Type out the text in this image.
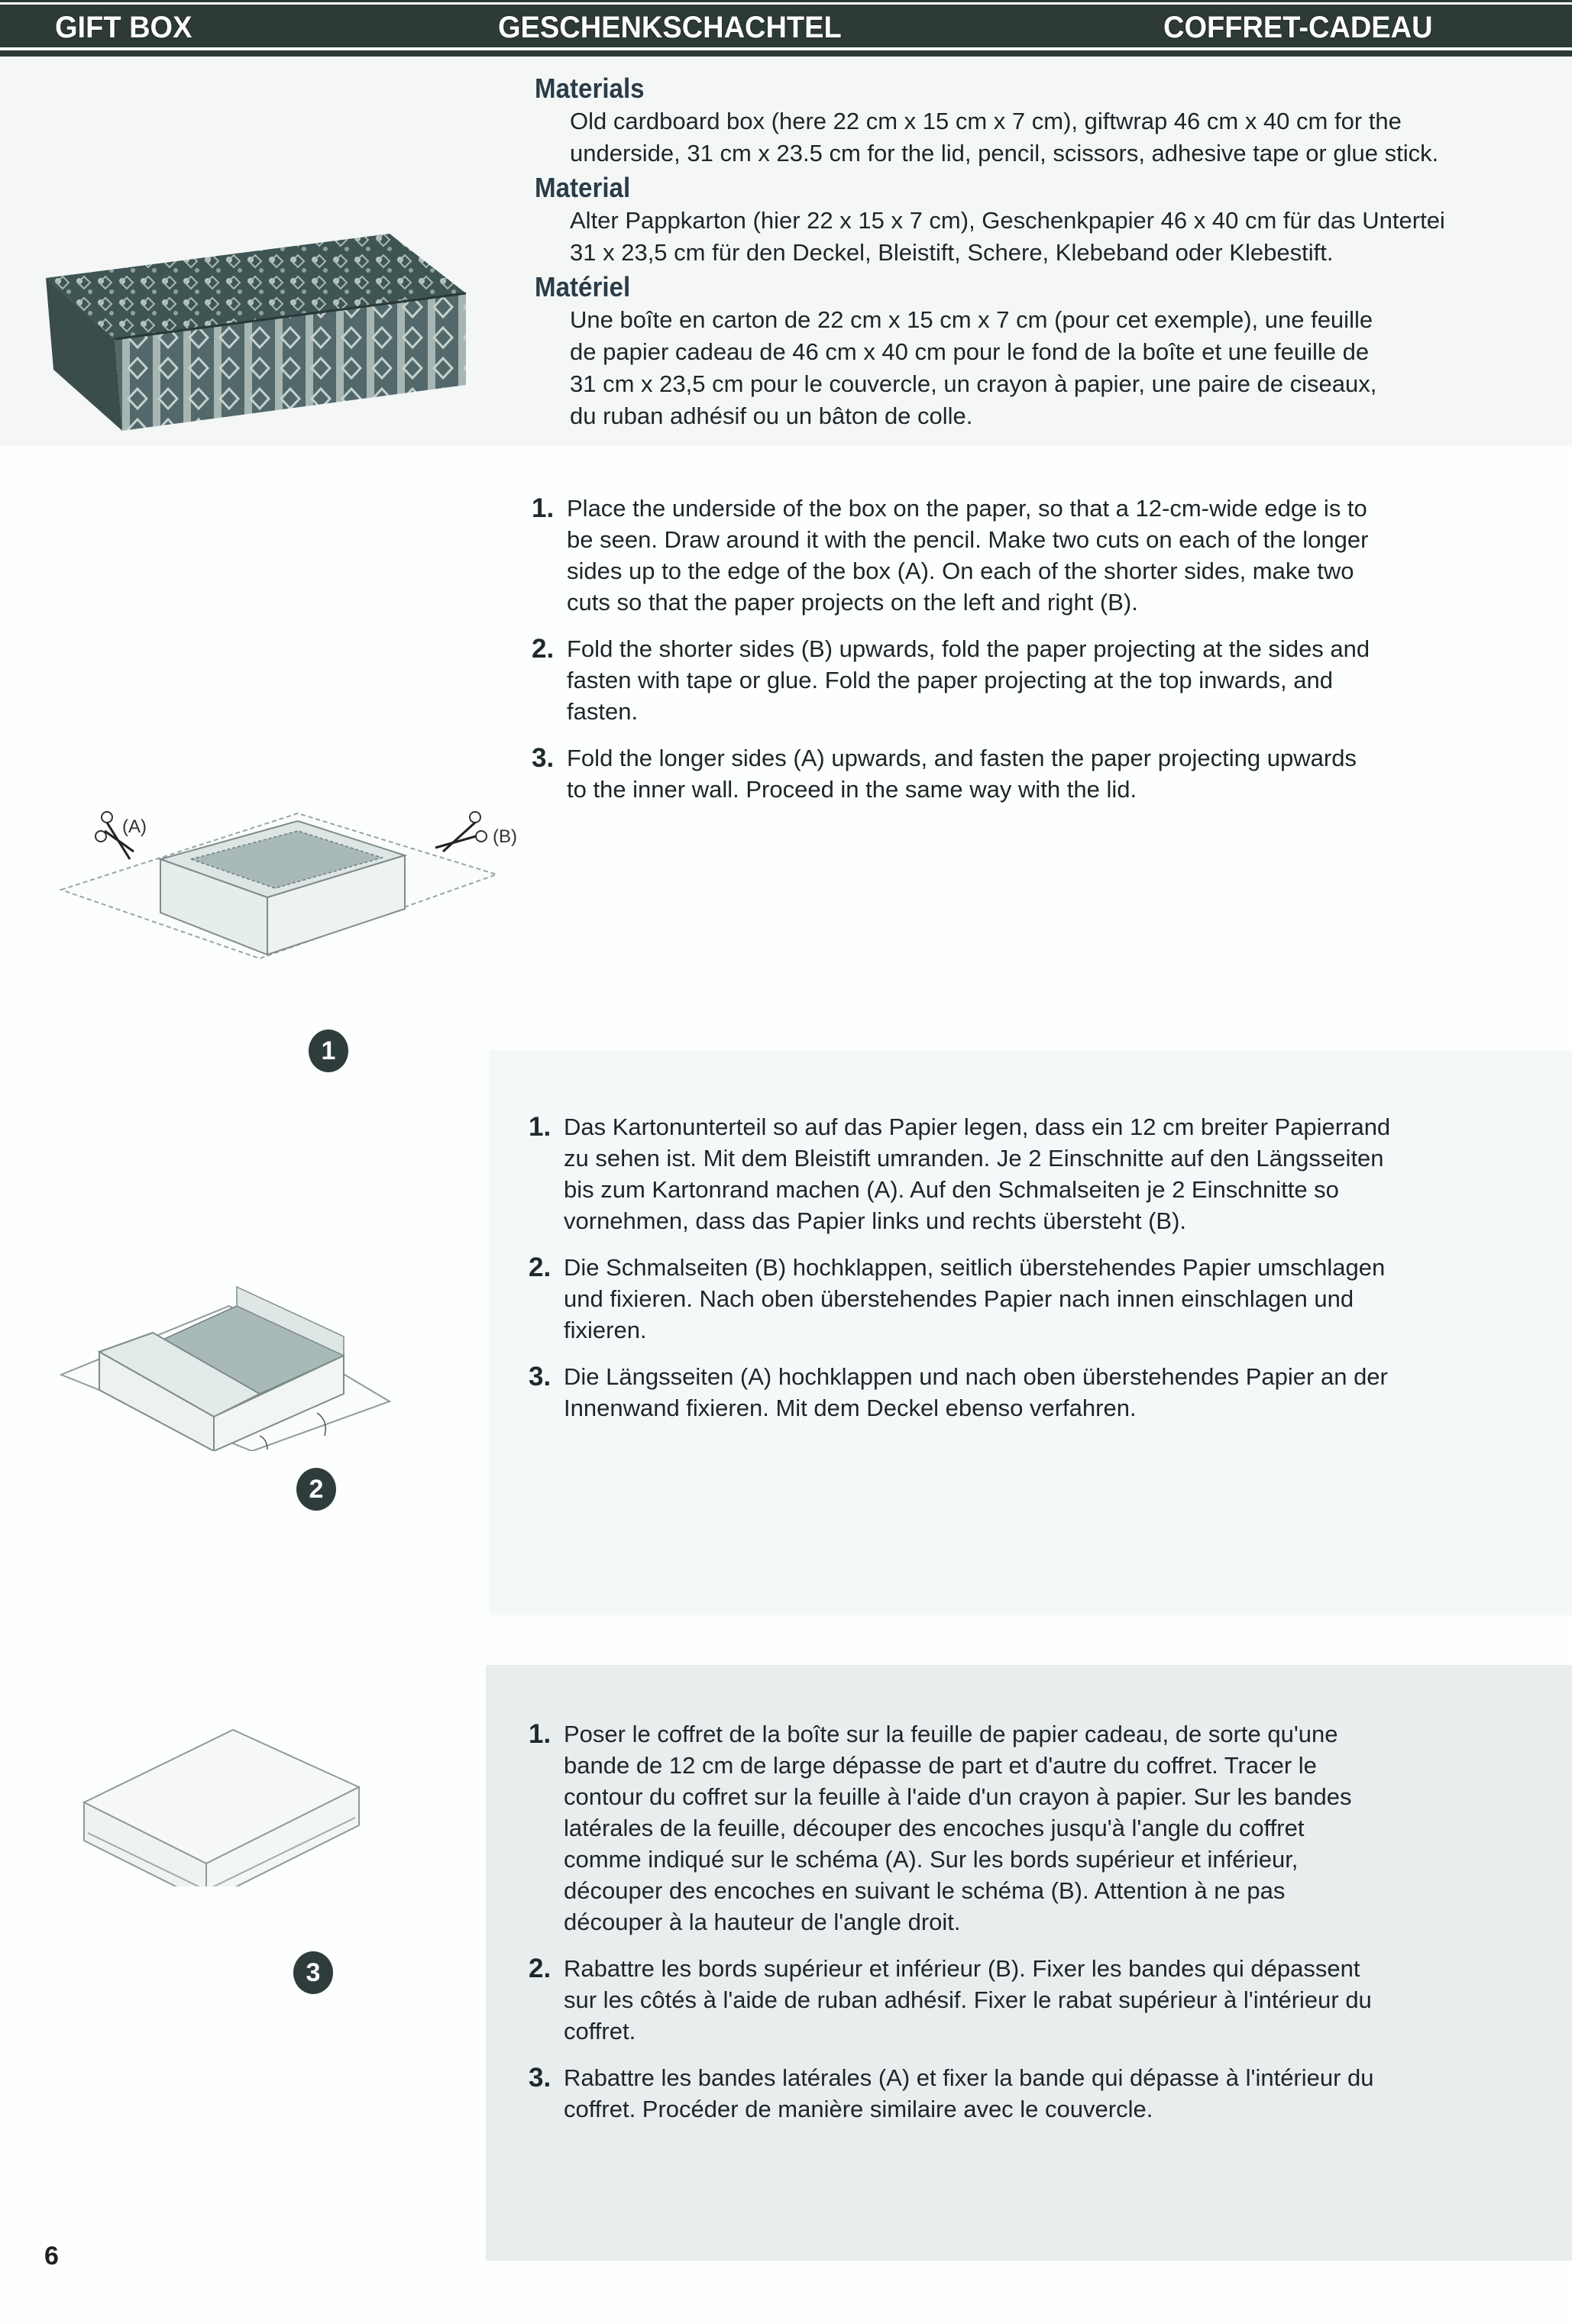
GIFT BOX	GESCHENKSCHACHTEL	COFFRET-CADEAU
Materials
Old cardboard box (here 22 cm x 15 cm x 7 cm), giftwrap 46 cm x 40 cm for the
underside, 31 cm x 23.5 cm for the lid, pencil, scissors, adhesive tape or glue stick.
Material
Alter Pappkarton (hier 22 x 15 x 7 cm), Geschenkpapier 46 x 40 cm für das Untertei
31 x 23,5 cm für den Deckel, Bleistift, Schere, Klebeband oder Klebestift.
Matériel
Une boîte en carton de 22 cm x 15 cm x 7 cm (pour cet exemple), une feuille
de papier cadeau de 46 cm x 40 cm pour le fond de la boîte et une feuille de
31 cm x 23,5 cm pour le couvercle, un crayon à papier, une paire de ciseaux,
du ruban adhésif ou un bâton de colle.
1. Place the underside of the box on the paper, so that a 12-cm-wide edge is to
be seen. Draw around it with the pencil. Make two cuts on each of the longer
sides up to the edge of the box (A). On each of the shorter sides, make two
cuts so that the paper projects on the left and right (B).
2. Fold the shorter sides (B) upwards, fold the paper projecting at the sides and
fasten with tape or glue. Fold the paper projecting at the top inwards, and
fasten.
3. Fold the longer sides (A) upwards, and fasten the paper projecting upwards
to the inner wall. Proceed in the same way with the lid.
(A)	(B)
1
1. Das Kartonunterteil so auf das Papier legen, dass ein 12 cm breiter Papierrand
zu sehen ist. Mit dem Bleistift umranden. Je 2 Einschnitte auf den Längsseiten
bis zum Kartonrand machen (A). Auf den Schmalseiten je 2 Einschnitte so
vornehmen, dass das Papier links und rechts übersteht (B).
2. Die Schmalseiten (B) hochklappen, seitlich überstehendes Papier umschlagen
und fixieren. Nach oben überstehendes Papier nach innen einschlagen und
fixieren.
3. Die Längsseiten (A) hochklappen und nach oben überstehendes Papier an der
Innenwand fixieren. Mit dem Deckel ebenso verfahren.
2
1. Poser le coffret de la boîte sur la feuille de papier cadeau, de sorte qu'une
bande de 12 cm de large dépasse de part et d'autre du coffret. Tracer le
contour du coffret sur la feuille à l'aide d'un crayon à papier. Sur les bandes
latérales de la feuille, découper des encoches jusqu'à l'angle du coffret
comme indiqué sur le schéma (A). Sur les bords supérieur et inférieur,
découper des encoches en suivant le schéma (B). Attention à ne pas
découper à la hauteur de l'angle droit.
2. Rabattre les bords supérieur et inférieur (B). Fixer les bandes qui dépassent
sur les côtés à l'aide de ruban adhésif. Fixer le rabat supérieur à l'intérieur du
coffret.
3. Rabattre les bandes latérales (A) et fixer la bande qui dépasse à l'intérieur du
coffret. Procéder de manière similaire avec le couvercle.
3
6
